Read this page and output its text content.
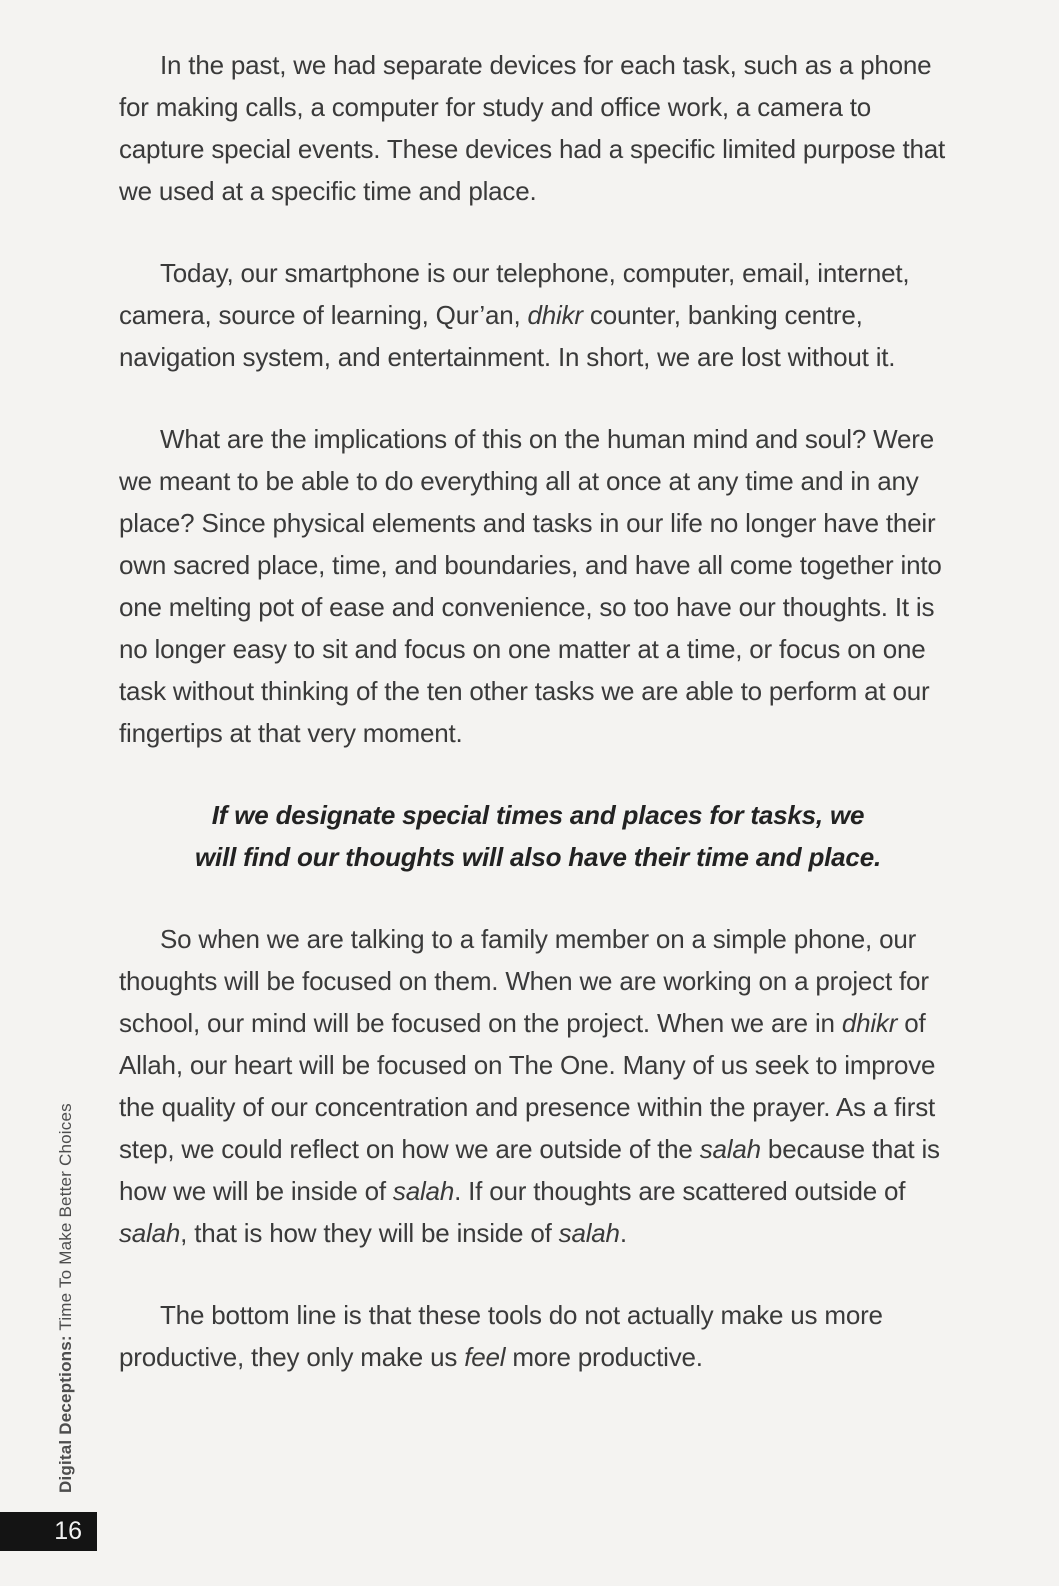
In the past, we had separate devices for each task, such as a phone for making calls, a computer for study and office work, a camera to capture special events. These devices had a specific limited purpose that we used at a specific time and place.

Today, our smartphone is our telephone, computer, email, internet, camera, source of learning, Qur’an, dhikr counter, banking centre, navigation system, and entertainment. In short, we are lost without it.

What are the implications of this on the human mind and soul? Were we meant to be able to do everything all at once at any time and in any place? Since physical elements and tasks in our life no longer have their own sacred place, time, and boundaries, and have all come together into one melting pot of ease and convenience, so too have our thoughts. It is no longer easy to sit and focus on one matter at a time, or focus on one task without thinking of the ten other tasks we are able to perform at our fingertips at that very moment.

If we designate special times and places for tasks, we will find our thoughts will also have their time and place.

So when we are talking to a family member on a simple phone, our thoughts will be focused on them. When we are working on a project for school, our mind will be focused on the project. When we are in dhikr of Allah, our heart will be focused on The One. Many of us seek to improve the quality of our concentration and presence within the prayer. As a first step, we could reflect on how we are outside of the salah because that is how we will be inside of salah. If our thoughts are scattered outside of salah, that is how they will be inside of salah.

The bottom line is that these tools do not actually make us more productive, they only make us feel more productive.

Digital Deceptions: Time To Make Better Choices
16
